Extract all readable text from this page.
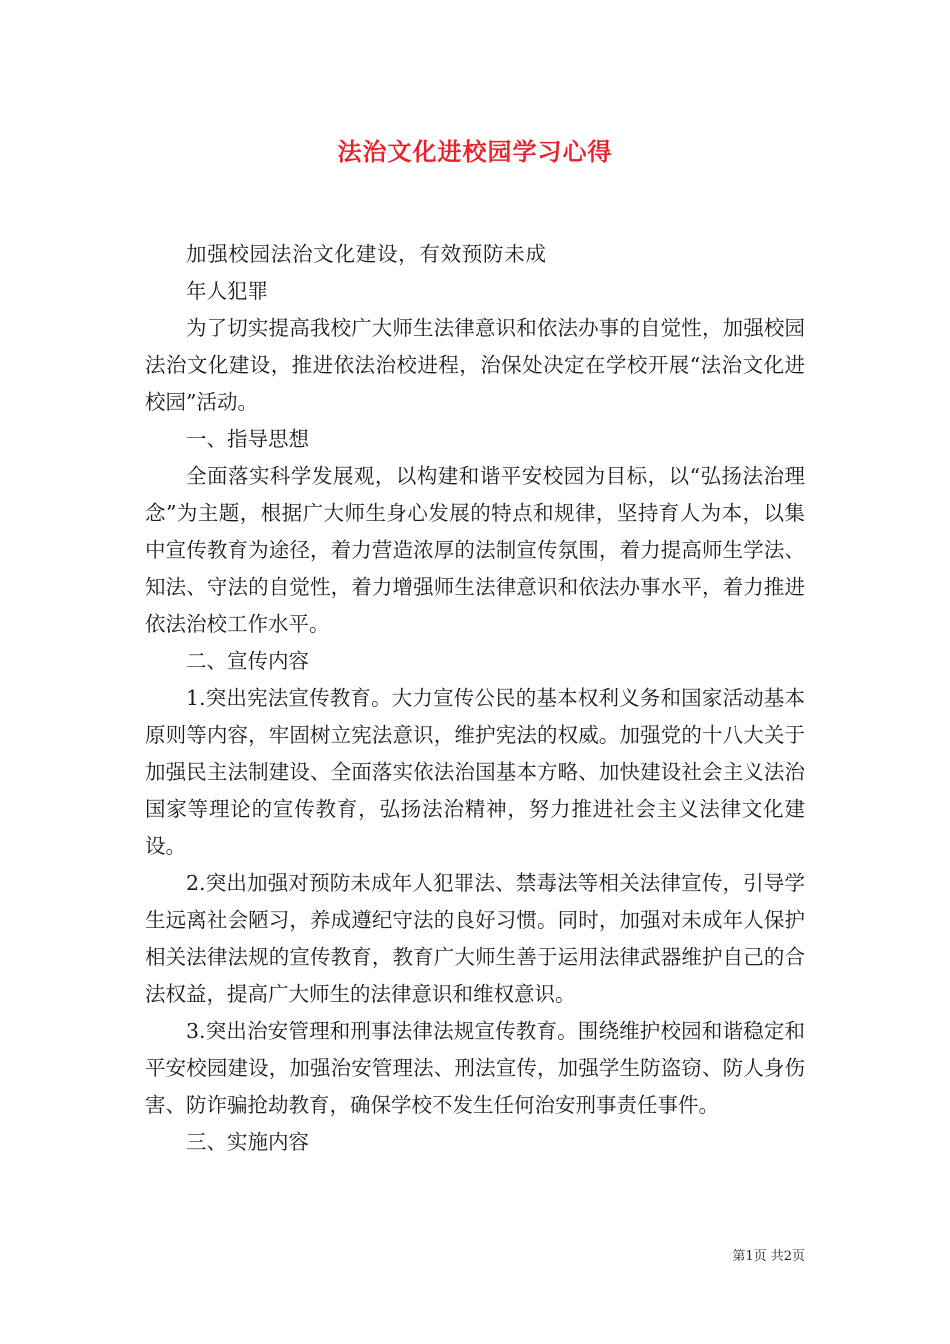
法治文化进校园学习心得

加强校园法治文化建设，有效预防未成年人犯罪

为了切实提高我校广大师生法律意识和依法办事的自觉性，加强校园法治文化建设，推进依法治校进程，治保处决定在学校开展“法治文化进校园”活动。

一、指导思想

全面落实科学发展观，以构建和谐平安校园为目标，以“弘扬法治理念”为主题，根据广大师生身心发展的特点和规律，坚持育人为本，以集中宣传教育为途径，着力营造浓厚的法制宣传氛围，着力提高师生学法、知法、守法的自觉性，着力增强师生法律意识和依法办事水平，着力推进依法治校工作水平。

二、宣传内容

1.突出宪法宣传教育。大力宣传公民的基本权利义务和国家活动基本原则等内容，牢固树立宪法意识，维护宪法的权威。加强党的十八大关于加强民主法制建设、全面落实依法治国基本方略、加快建设社会主义法治国家等理论的宣传教育，弘扬法治精神，努力推进社会主义法律文化建设。

2.突出加强对预防未成年人犯罪法、禁毒法等相关法律宣传，引导学生远离社会陋习，养成遵纪守法的良好习惯。同时，加强对未成年人保护相关法律法规的宣传教育，教育广大师生善于运用法律武器维护自己的合法权益，提高广大师生的法律意识和维权意识。

3.突出治安管理和刑事法律法规宣传教育。围绕维护校园和谐稳定和平安校园建设，加强治安管理法、刑法宣传，加强学生防盗窃、防人身伤害、防诈骗抢劫教育，确保学校不发生任何治安刑事责任事件。

三、实施内容

第1页 共2页
